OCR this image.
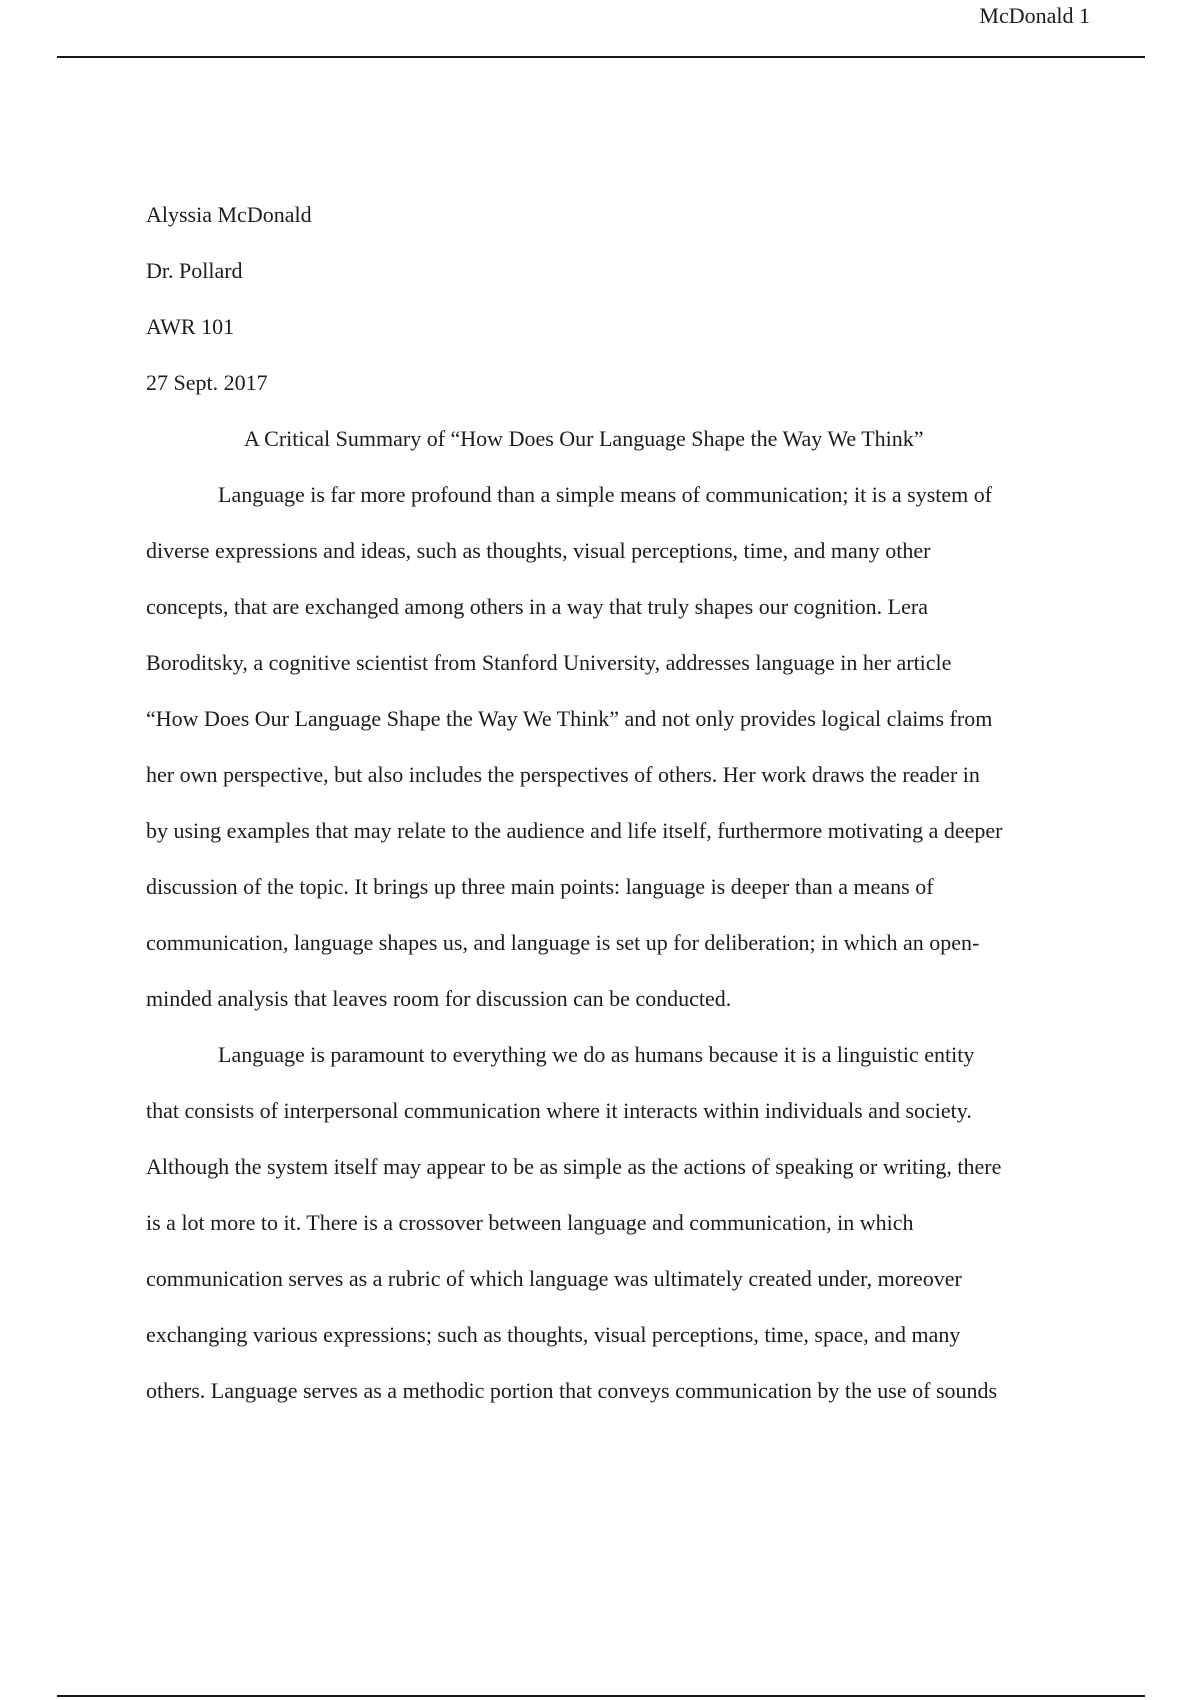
McDonald 1
Alyssia McDonald
Dr. Pollard
AWR 101
27 Sept. 2017
A Critical Summary of “How Does Our Language Shape the Way We Think”
Language is far more profound than a simple means of communication; it is a system of
diverse expressions and ideas, such as thoughts, visual perceptions, time, and many other
concepts, that are exchanged among others in a way that truly shapes our cognition. Lera
Boroditsky, a cognitive scientist from Stanford University, addresses language in her article
“How Does Our Language Shape the Way We Think” and not only provides logical claims from
her own perspective, but also includes the perspectives of others. Her work draws the reader in
by using examples that may relate to the audience and life itself, furthermore motivating a deeper
discussion of the topic. It brings up three main points: language is deeper than a means of
communication, language shapes us, and language is set up for deliberation; in which an open-
minded analysis that leaves room for discussion can be conducted.
Language is paramount to everything we do as humans because it is a linguistic entity
that consists of interpersonal communication where it interacts within individuals and society.
Although the system itself may appear to be as simple as the actions of speaking or writing, there
is a lot more to it. There is a crossover between language and communication, in which
communication serves as a rubric of which language was ultimately created under, moreover
exchanging various expressions; such as thoughts, visual perceptions, time, space, and many
others. Language serves as a methodic portion that conveys communication by the use of sounds
